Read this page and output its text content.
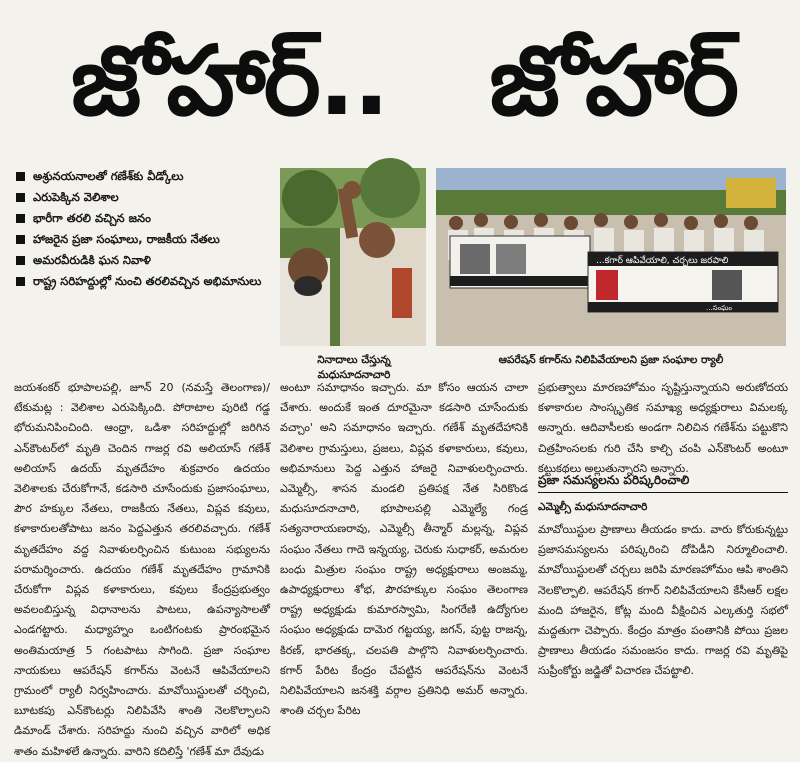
జోహార్.. జోహార్
అశ్రునయనాలతో గణేశ్‌కు వీడ్కోలు
ఎరుపెక్కిన వెలిశాల
భారీగా తరలి వచ్చిన జనం
హాజరైన ప్రజా సంఘాలు, రాజకీయ నేతలు
అమరవీరుడికి ఘన నివాళి
రాష్ట్ర సరిహద్దుల్లో నుంచి తరలివచ్చిన అభిమానులు
నినాదాలు చేస్తున్న మధుసూదనాచారి
...కగార్ ఆపివేయాలి, చర్చలు జరపాలి
...సంఘం
ఆపరేషన్ కగార్‌ను నిలిపివేయాలని ప్రజా సంఘాల ర్యాలీ

జయశంకర్ భూపాలపల్లి, జూన్ 20 (నమస్తే తెలంగాణ)/టేకుమట్ల : వెలిశాల ఎరుపెక్కింది. పోరాటాల పురిటి గడ్డ భోరుమనిపించింది. ఆంధ్రా, ఒడిశా సరిహద్దుల్లో జరిగిన ఎన్‌కౌంటర్‌లో మృతి చెందిన గాజర్ల రవి అలియాస్ గణేశ్ అలియాస్ ఉదయ్ మృతదేహం శుక్రవారం ఉదయం వెలిశాలకు చేరుకోగానే, కడసారి చూసేందుకు ప్రజాసంఘాలు, పౌర హక్కుల నేతలు, రాజకీయ నేతలు, విప్లవ కవులు, కళాకారులతోపాటు జనం పెద్దఎత్తున తరలివచ్చారు. గణేశ్ మృతదేహం వద్ద నివాళులర్పించిన కుటుంబ సభ్యులను పరామర్శించారు. ఉదయం గణేశ్ మృతదేహం గ్రామానికి చేరుకోగా విప్లవ కళాకారులు, కవులు కేంద్రప్రభుత్వం అవలంబిస్తున్న విధానాలను పాటలు, ఉపన్యాసాలతో ఎండగట్టారు. మధ్యాహ్నం ఒంటిగంటకు ప్రారంభమైన అంతిమయాత్ర 5 గంటపాటు సాగింది. ప్రజా సంఘాల నాయకులు ఆపరేషన్ కగార్‌ను వెంటనే ఆపివేయాలని గ్రామంలో ర్యాలీ నిర్వహించారు. మావోయిస్టులతో చర్చించి, బూటకపు ఎన్‌కౌంటర్లు నిలిపివేసి శాంతి నెలకొల్పాలని డిమాండ్ చేశారు. సరిహద్దు నుంచి వచ్చిన వారిలో అధిక శాతం మహిళలే ఉన్నారు. వారిని కదిలిస్తే 'గణేశ్ మా దేవుడు

అంటూ సమాధానం ఇచ్చారు. మా కోసం ఆయన చాలా చేశారు. అందుకే ఇంత దూరమైనా కడసారి చూసేందుకు వచ్చాం' అని సమాధానం ఇచ్చారు. గణేశ్ మృతదేహానికి వెలిశాల గ్రామస్తులు, ప్రజలు, విప్లవ కళాకారులు, కవులు, అభిమానులు పెద్ద ఎత్తున హాజరై నివాళులర్పించారు. ఎమ్మెల్సీ, శాసన మండలి ప్రతిపక్ష నేత సిరికొండ మధుసూదనాచారి, భూపాలపల్లి ఎమ్మెల్యే గండ్ర సత్యనారాయణరావు, ఎమ్మెల్సీ తీన్మార్ మల్లన్న, విప్లవ సంఘం నేతలు గాదె ఇన్నయ్య, చెరుకు సుధాకర్, అమరుల బంధు మిత్రుల సంఘం రాష్ట్ర అధ్యక్షురాలు అంజమ్మ, ఉపాధ్యక్షురాలు శోభ, పౌరహక్కుల సంఘం తెలంగాణ రాష్ట్ర అధ్యక్షుడు కుమారస్వామి, సింగరేణి ఉద్యోగుల సంఘం అధ్యక్షుడు దామెర గట్టయ్య, జగన్, పుట్ట రాజన్న, కిరణ్, భారతక్క, చలపతి పాల్గొని నివాళులర్పించారు. కగార్ పేరిట కేంద్రం చేపట్టిన ఆపరేషన్‌ను వెంటనే నిలిపివేయాలని జనశక్తి వర్గాల ప్రతినిధి అమర్ అన్నారు. శాంతి చర్చల పేరిట

ప్రభుత్వాలు మారణహోమం సృష్టిస్తున్నాయని అరుణోదయ కళాకారుల సాంస్కృతిక సమాఖ్య అధ్యక్షురాలు విమలక్క అన్నారు. ఆదివాసీలకు అండగా నిలిచిన గణేశ్‌ను పట్టుకొని చిత్రహింసలకు గురి చేసి కాల్చి చంపి ఎన్‌కౌంటర్ అంటూ కట్టుకథలు అల్లుతున్నారని అన్నారు.

ప్రజా సమస్యలను పరిష్కరించాలి
ఎమ్మెల్సీ మధుసూదనాచారి

మావోయిస్టుల ప్రాణాలు తీయడం కాదు. వారు కోరుకున్నట్టు ప్రజాసమస్యలను పరిష్కరించి దోపిడీని నిర్మూలించాలి. మావోయిస్టులతో చర్చలు జరిపి మారణహోమం ఆపి శాంతిని నెలకొల్పాలి. ఆపరేషన్ కగార్ నిలిపివేయాలని కేసీఆర్ లక్షల మంది హాజరైన, కోట్ల మంది వీక్షించిన ఎల్కతుర్తి సభలో మద్దతుగా చెప్పారు. కేంద్రం మాత్రం పంతానికి పోయి ప్రజల ప్రాణాలు తీయడం సమంజసం కాదు. గాజర్ల రవి మృతిపై సుప్రీంకోర్టు జడ్జితో విచారణ చేపట్టాలి.
